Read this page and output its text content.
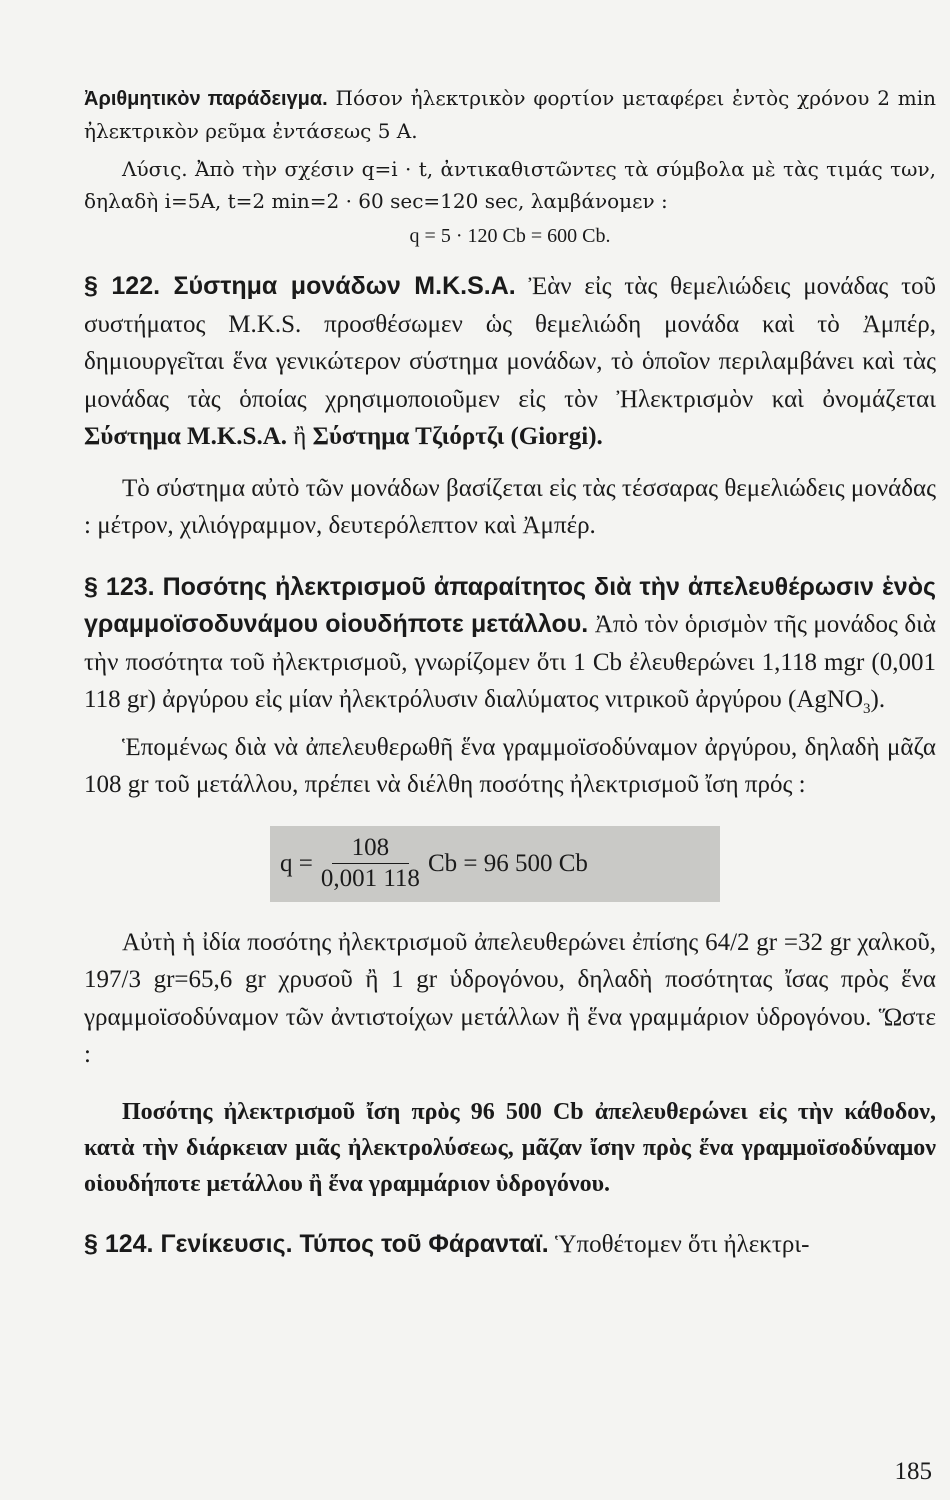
Ἀριθμητικὸν παράδειγμα. Πόσον ἠλεκτρικὸν φορτίον μεταφέρει ἐντὸς χρόνου 2 min ἠλεκτρικὸν ρεῦμα ἐντάσεως 5 A.

Λύσις. Ἀπὸ τὴν σχέσιν q=i · t, ἀντικαθιστῶντες τὰ σύμβολα μὲ τὰς τιμάς των, δηλαδὴ i=5A, t=2 min=2 · 60 sec=120 sec, λαμβάνομεν :

q = 5 · 120 Cb = 600 Cb.

§ 122. Σύστημα μονάδων M.K.S.A. Ἐὰν εἰς τὰς θεμελιώδεις μονάδας τοῦ συστήματος M.K.S. προσθέσωμεν ὡς θεμελιώδη μονάδα καὶ τὸ Ἀμπέρ, δημιουργεῖται ἕνα γενικώτερον σύστημα μονάδων, τὸ ὁποῖον περιλαμβάνει καὶ τὰς μονάδας τὰς ὁποίας χρησιμοποιοῦμεν εἰς τὸν Ἠλεκτρισμὸν καὶ ὀνομάζεται Σύστημα M.K.S.A. ἢ Σύστημα Τζιόρτζι (Giorgi).

Τὸ σύστημα αὐτὸ τῶν μονάδων βασίζεται εἰς τὰς τέσσαρας θεμελιώδεις μονάδας : μέτρον, χιλιόγραμμον, δευτερόλεπτον καὶ Ἀμπέρ.

§ 123. Ποσότης ἠλεκτρισμοῦ ἀπαραίτητος διὰ τὴν ἀπελευθέρωσιν ἑνὸς γραμμοϊσοδυνάμου οἱουδήποτε μετάλλου. Ἀπὸ τὸν ὁρισμὸν τῆς μονάδος διὰ τὴν ποσότητα τοῦ ἠλεκτρισμοῦ, γνωρίζομεν ὅτι 1 Cb ἐλευθερώνει 1,118 mgr (0,001 118 gr) ἀργύρου εἰς μίαν ἠλεκτρόλυσιν διαλύματος νιτρικοῦ ἀργύρου (AgNO$_3$).

Ἑπομένως διὰ νὰ ἀπελευθερωθῆ ἕνα γραμμοϊσοδύναμον ἀργύρου, δηλαδὴ μᾶζα 108 gr τοῦ μετάλλου, πρέπει νὰ διέλθη ποσότης ἠλεκτρισμοῦ ἴση πρός :

$q = \frac{108}{0,001 118}$ Cb = 96 500 Cb

Αὐτὴ ἡ ἰδία ποσότης ἠλεκτρισμοῦ ἀπελευθερώνει ἐπίσης 64/2 gr =32 gr χαλκοῦ, 197/3 gr=65,6 gr χρυσοῦ ἢ 1 gr ὑδρογόνου, δηλαδὴ ποσότητας ἴσας πρὸς ἕνα γραμμοϊσοδύναμον τῶν ἀντιστοίχων μετάλλων ἢ ἕνα γραμμάριον ὑδρογόνου. Ὥστε :

Ποσότης ἠλεκτρισμοῦ ἴση πρὸς 96 500 Cb ἀπελευθερώνει εἰς τὴν κάθοδον, κατὰ τὴν διάρκειαν μιᾶς ἠλεκτρολύσεως, μᾶζαν ἴσην πρὸς ἕνα γραμμοϊσοδύναμον οἱουδήποτε μετάλλου ἢ ἕνα γραμμάριον ὑδρογόνου.

§ 124. Γενίκευσις. Τύπος τοῦ Φάρανταϊ. Ὑποθέτομεν ὅτι ἠλεκτρι-

185
